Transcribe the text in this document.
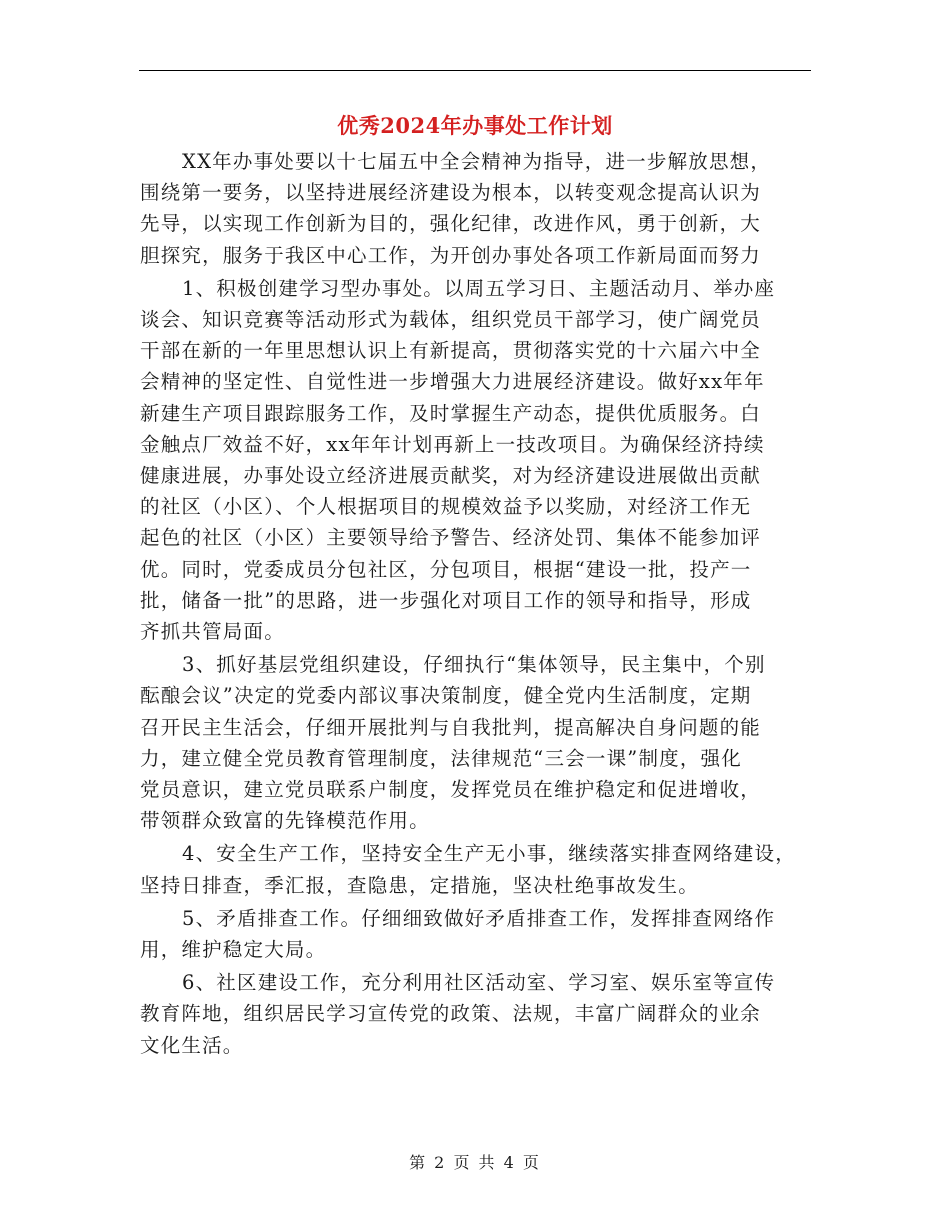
优秀2024年办事处工作计划
XX年办事处要以十七届五中全会精神为指导，进一步解放思想，
围绕第一要务，以坚持进展经济建设为根本，以转变观念提高认识为
先导，以实现工作创新为目的，强化纪律，改进作风，勇于创新，大
胆探究，服务于我区中心工作，为开创办事处各项工作新局面而努力
1、积极创建学习型办事处。以周五学习日、主题活动月、举办座
谈会、知识竞赛等活动形式为载体，组织党员干部学习，使广阔党员
干部在新的一年里思想认识上有新提高，贯彻落实党的十六届六中全
会精神的坚定性、自觉性进一步增强大力进展经济建设。做好xx年年
新建生产项目跟踪服务工作，及时掌握生产动态，提供优质服务。白
金触点厂效益不好，xx年年计划再新上一技改项目。为确保经济持续
健康进展，办事处设立经济进展贡献奖，对为经济建设进展做出贡献
的社区（小区）、个人根据项目的规模效益予以奖励，对经济工作无
起色的社区（小区）主要领导给予警告、经济处罚、集体不能参加评
优。同时，党委成员分包社区，分包项目，根据“建设一批，投产一
批，储备一批”的思路，进一步强化对项目工作的领导和指导，形成
齐抓共管局面。
3、抓好基层党组织建设，仔细执行“集体领导，民主集中，个别
酝酿会议”决定的党委内部议事决策制度，健全党内生活制度，定期
召开民主生活会，仔细开展批判与自我批判，提高解决自身问题的能
力，建立健全党员教育管理制度，法律规范“三会一课”制度，强化
党员意识，建立党员联系户制度，发挥党员在维护稳定和促进增收，
带领群众致富的先锋模范作用。
4、安全生产工作，坚持安全生产无小事，继续落实排查网络建设，
坚持日排查，季汇报，查隐患，定措施，坚决杜绝事故发生。
5、矛盾排查工作。仔细细致做好矛盾排查工作，发挥排查网络作
用，维护稳定大局。
6、社区建设工作，充分利用社区活动室、学习室、娱乐室等宣传
教育阵地，组织居民学习宣传党的政策、法规，丰富广阔群众的业余
文化生活。
第 2 页 共 4 页
